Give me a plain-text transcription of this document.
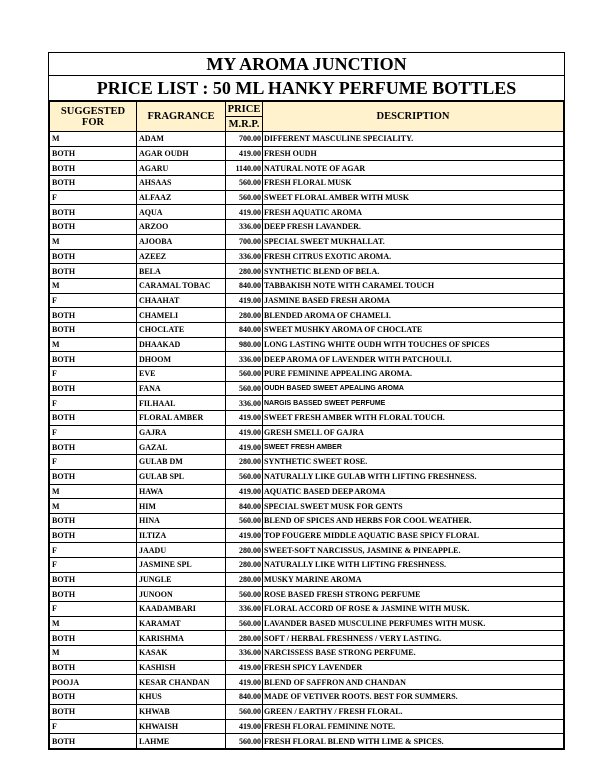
MY AROMA JUNCTION
PRICE LIST : 50 ML HANKY PERFUME BOTTLES
SUGGESTED FOR	FRAGRANCE	PRICE	DESCRIPTION
		M.R.P.	
M	ADAM	700.00	DIFFERENT MASCULINE SPECIALITY.
BOTH	AGAR OUDH	419.00	FRESH OUDH
BOTH	AGARU	1140.00	NATURAL NOTE OF AGAR
BOTH	AHSAAS	560.00	FRESH FLORAL MUSK
F	ALFAAZ	560.00	SWEET FLORAL AMBER WITH MUSK
BOTH	AQUA	419.00	FRESH AQUATIC AROMA
BOTH	ARZOO	336.00	DEEP FRESH LAVANDER.
M	AJOOBA	700.00	SPECIAL SWEET MUKHALLAT.
BOTH	AZEEZ	336.00	FRESH CITRUS EXOTIC AROMA.
BOTH	BELA	280.00	SYNTHETIC BLEND OF BELA.
M	CARAMAL TOBAC	840.00	TABBAKISH NOTE WITH CARAMEL TOUCH
F	CHAAHAT	419.00	JASMINE BASED FRESH AROMA
BOTH	CHAMELI	280.00	BLENDED AROMA OF CHAMELI.
BOTH	CHOCLATE	840.00	SWEET MUSHKY AROMA OF CHOCLATE
M	DHAAKAD	980.00	LONG LASTING WHITE OUDH WITH TOUCHES OF SPICES
BOTH	DHOOM	336.00	DEEP AROMA OF LAVENDER WITH PATCHOULI.
F	EVE	560.00	PURE FEMININE APPEALING AROMA.
BOTH	FANA	560.00	OUDH BASED SWEET APEALING AROMA
F	FILHAAL	336.00	NARGIS BASSED SWEET PERFUME
BOTH	FLORAL AMBER	419.00	SWEET FRESH AMBER WITH FLORAL TOUCH.
F	GAJRA	419.00	GRESH SMELL OF GAJRA
BOTH	GAZAL	419.00	SWEET FRESH AMBER
F	GULAB DM	280.00	SYNTHETIC SWEET ROSE.
BOTH	GULAB SPL	560.00	NATURALLY LIKE GULAB WITH LIFTING FRESHNESS.
M	HAWA	419.00	AQUATIC BASED DEEP AROMA
M	HIM	840.00	SPECIAL SWEET MUSK FOR GENTS
BOTH	HINA	560.00	BLEND OF SPICES AND HERBS FOR COOL WEATHER.
BOTH	ILTIZA	419.00	TOP FOUGERE MIDDLE AQUATIC BASE SPICY FLORAL
F	JAADU	280.00	SWEET-SOFT NARCISSUS, JASMINE & PINEAPPLE.
F	JASMINE SPL	280.00	NATURALLY LIKE WITH LIFTING FRESHNESS.
BOTH	JUNGLE	280.00	MUSKY MARINE AROMA
BOTH	JUNOON	560.00	ROSE BASED FRESH STRONG PERFUME
F	KAADAMBARI	336.00	FLORAL ACCORD OF ROSE & JASMINE WITH MUSK.
M	KARAMAT	560.00	LAVANDER BASED MUSCULINE PERFUMES WITH MUSK.
BOTH	KARISHMA	280.00	SOFT / HERBAL FRESHNESS / VERY LASTING.
M	KASAK	336.00	NARCISSESS BASE STRONG PERFUME.
BOTH	KASHISH	419.00	FRESH SPICY LAVENDER
POOJA	KESAR CHANDAN	419.00	BLEND OF SAFFRON AND CHANDAN
BOTH	KHUS	840.00	MADE OF VETIVER ROOTS. BEST FOR SUMMERS.
BOTH	KHWAB	560.00	GREEN / EARTHY / FRESH FLORAL.
F	KHWAISH	419.00	FRESH FLORAL FEMININE NOTE.
BOTH	LAHME	560.00	FRESH FLORAL BLEND WITH LIME & SPICES.
